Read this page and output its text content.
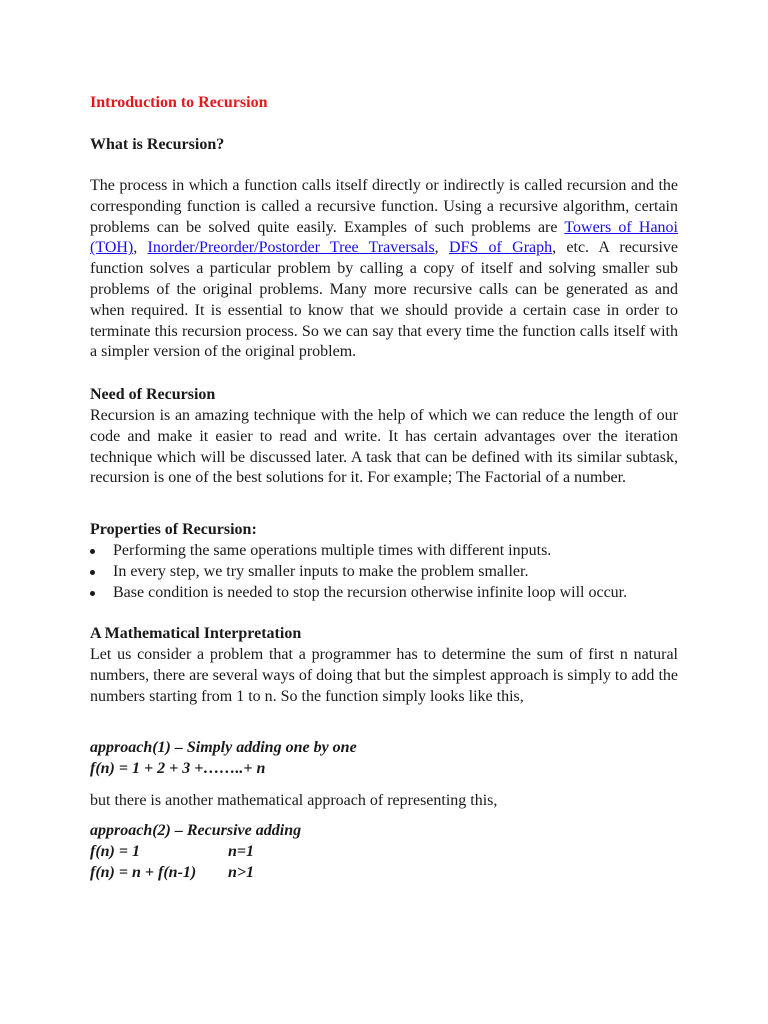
Introduction to Recursion

What is Recursion?

The process in which a function calls itself directly or indirectly is called recursion and the corresponding function is called a recursive function. Using a recursive algorithm, certain problems can be solved quite easily. Examples of such problems are Towers of Hanoi (TOH), Inorder/Preorder/Postorder Tree Traversals, DFS of Graph, etc. A recursive function solves a particular problem by calling a copy of itself and solving smaller sub problems of the original problems. Many more recursive calls can be generated as and when required. It is essential to know that we should provide a certain case in order to terminate this recursion process. So we can say that every time the function calls itself with a simpler version of the original problem.

Need of Recursion

Recursion is an amazing technique with the help of which we can reduce the length of our code and make it easier to read and write. It has certain advantages over the iteration technique which will be discussed later. A task that can be defined with its similar subtask, recursion is one of the best solutions for it. For example; The Factorial of a number.

Properties of Recursion:

Performing the same operations multiple times with different inputs.
In every step, we try smaller inputs to make the problem smaller.
Base condition is needed to stop the recursion otherwise infinite loop will occur.

A Mathematical Interpretation

Let us consider a problem that a programmer has to determine the sum of first n natural numbers, there are several ways of doing that but the simplest approach is simply to add the numbers starting from 1 to n. So the function simply looks like this,

approach(1) – Simply adding one by one

f(n) = 1 + 2 + 3 +……..+ n

but there is another mathematical approach of representing this,

approach(2) – Recursive adding

f(n) = 1	n=1
f(n) = n + f(n-1)	n>1
